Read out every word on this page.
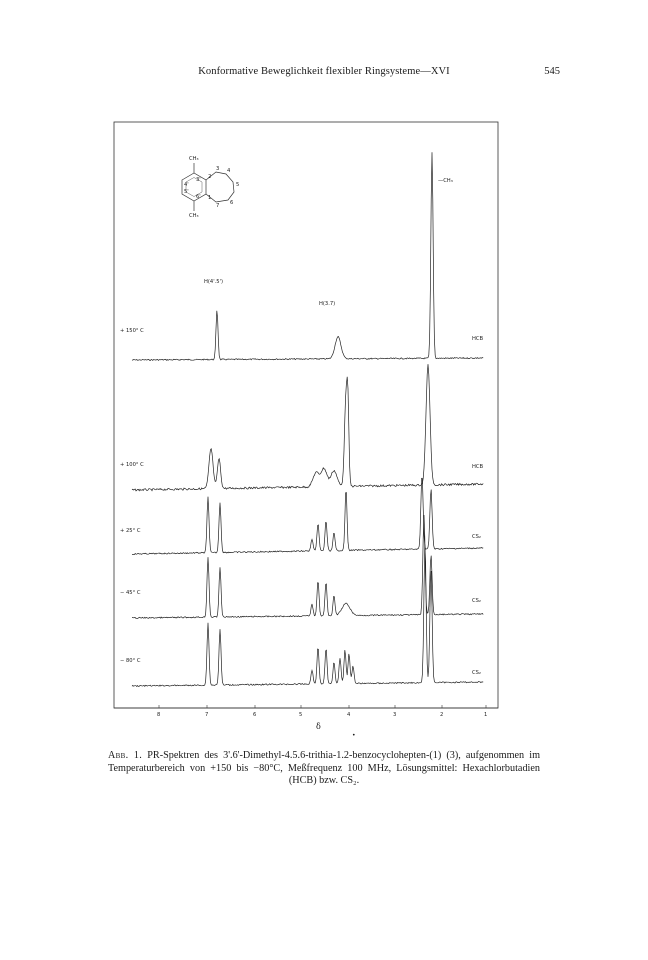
Konformative Beweglichkeit flexibler Ringsysteme—XVI	545
CH₃
CH₃
3 4
5
6
7
1
2
3'
4'
5'
6'
H(4'.5')
H(3.7)
—CH₃
+ 150° C
+ 100° C
+ 25° C
− 45° C
− 80° C
HCB
HCB
CS₂
CS₂
CS₂
8	7	6	5	4	3	2	1
δ
•
Abb. 1. PR-Spektren des 3'.6'-Dimethyl-4.5.6-trithia-1.2-benzocyclohepten-(1) (3), aufgenommen im Temperaturbereich von +150 bis −80°C, Meßfrequenz 100 MHz, Lösungsmittel: Hexachlorbutadien (HCB) bzw. CS₂.
